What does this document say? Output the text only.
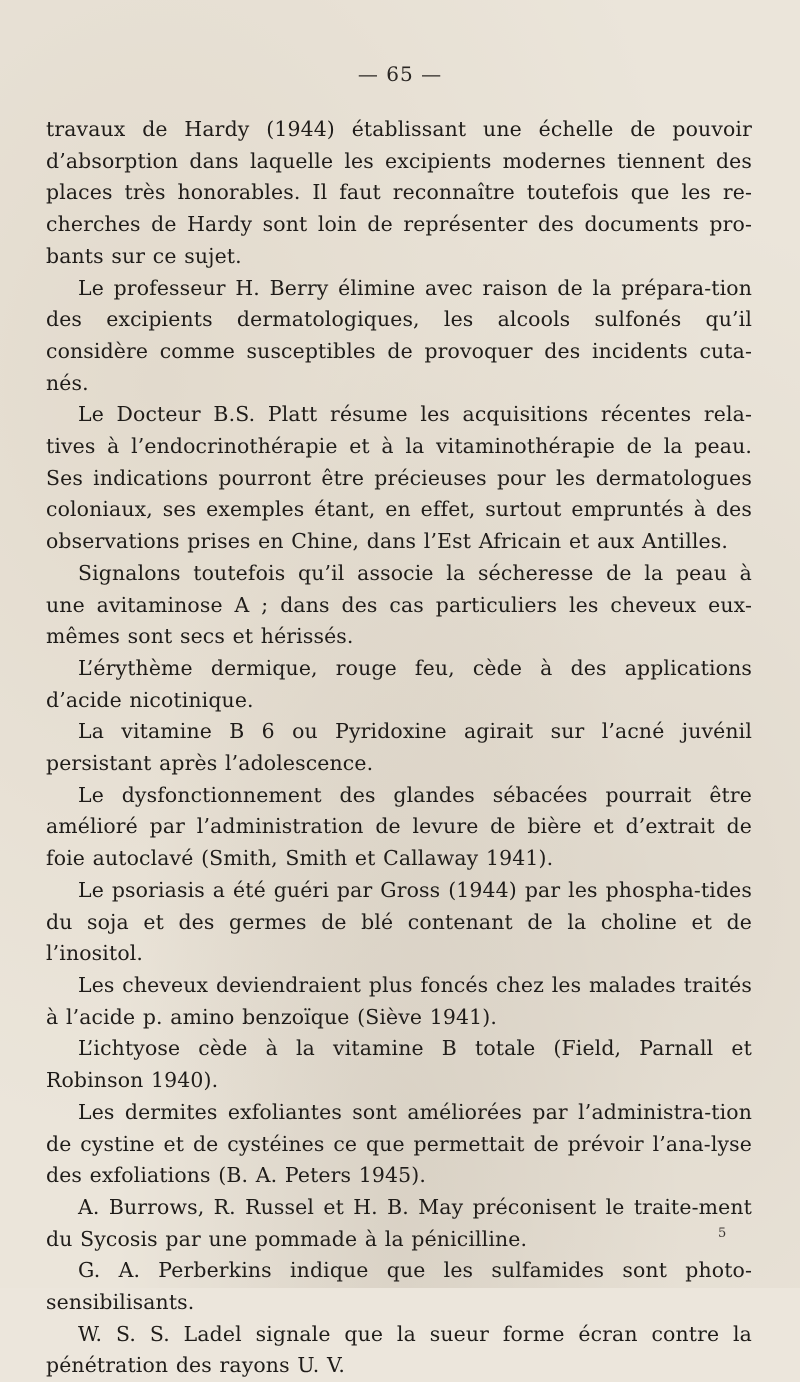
— 65 —

travaux de Hardy (1944) établissant une échelle de pouvoir d’absorption dans laquelle les excipients modernes tiennent des places très honorables. Il faut reconnaître toutefois que les re-cherches de Hardy sont loin de représenter des documents pro-bants sur ce sujet.

Le professeur H. Berry élimine avec raison de la prépara-tion des excipients dermatologiques, les alcools sulfonés qu’il considère comme susceptibles de provoquer des incidents cuta-nés.

Le Docteur B.S. Platt résume les acquisitions récentes rela-tives à l’endocrinothérapie et à la vitaminothérapie de la peau. Ses indications pourront être précieuses pour les dermatologues coloniaux, ses exemples étant, en effet, surtout empruntés à des observations prises en Chine, dans l’Est Africain et aux Antilles.

Signalons toutefois qu’il associe la sécheresse de la peau à une avitaminose A ; dans des cas particuliers les cheveux eux-mêmes sont secs et hérissés.

L’érythème dermique, rouge feu, cède à des applications d’acide nicotinique.

La vitamine B 6 ou Pyridoxine agirait sur l’acné juvénil persistant après l’adolescence.

Le dysfonctionnement des glandes sébacées pourrait être amélioré par l’administration de levure de bière et d’extrait de foie autoclavé (Smith, Smith et Callaway 1941).

Le psoriasis a été guéri par Gross (1944) par les phospha-tides du soja et des germes de blé contenant de la choline et de l’inositol.

Les cheveux deviendraient plus foncés chez les malades traités à l’acide p. amino benzoïque (Siève 1941).

L’ichtyose cède à la vitamine B totale (Field, Parnall et Robinson 1940).

Les dermites exfoliantes sont améliorées par l’administra-tion de cystine et de cystéines ce que permettait de prévoir l’ana-lyse des exfoliations (B. A. Peters 1945).

A. Burrows, R. Russel et H. B. May préconisent le traite-ment du Sycosis par une pommade à la pénicilline.

G. A. Perberkins indique que les sulfamides sont photo-sensibilisants.

W. S. S. Ladel signale que la sueur forme écran contre la pénétration des rayons U. V.

5
